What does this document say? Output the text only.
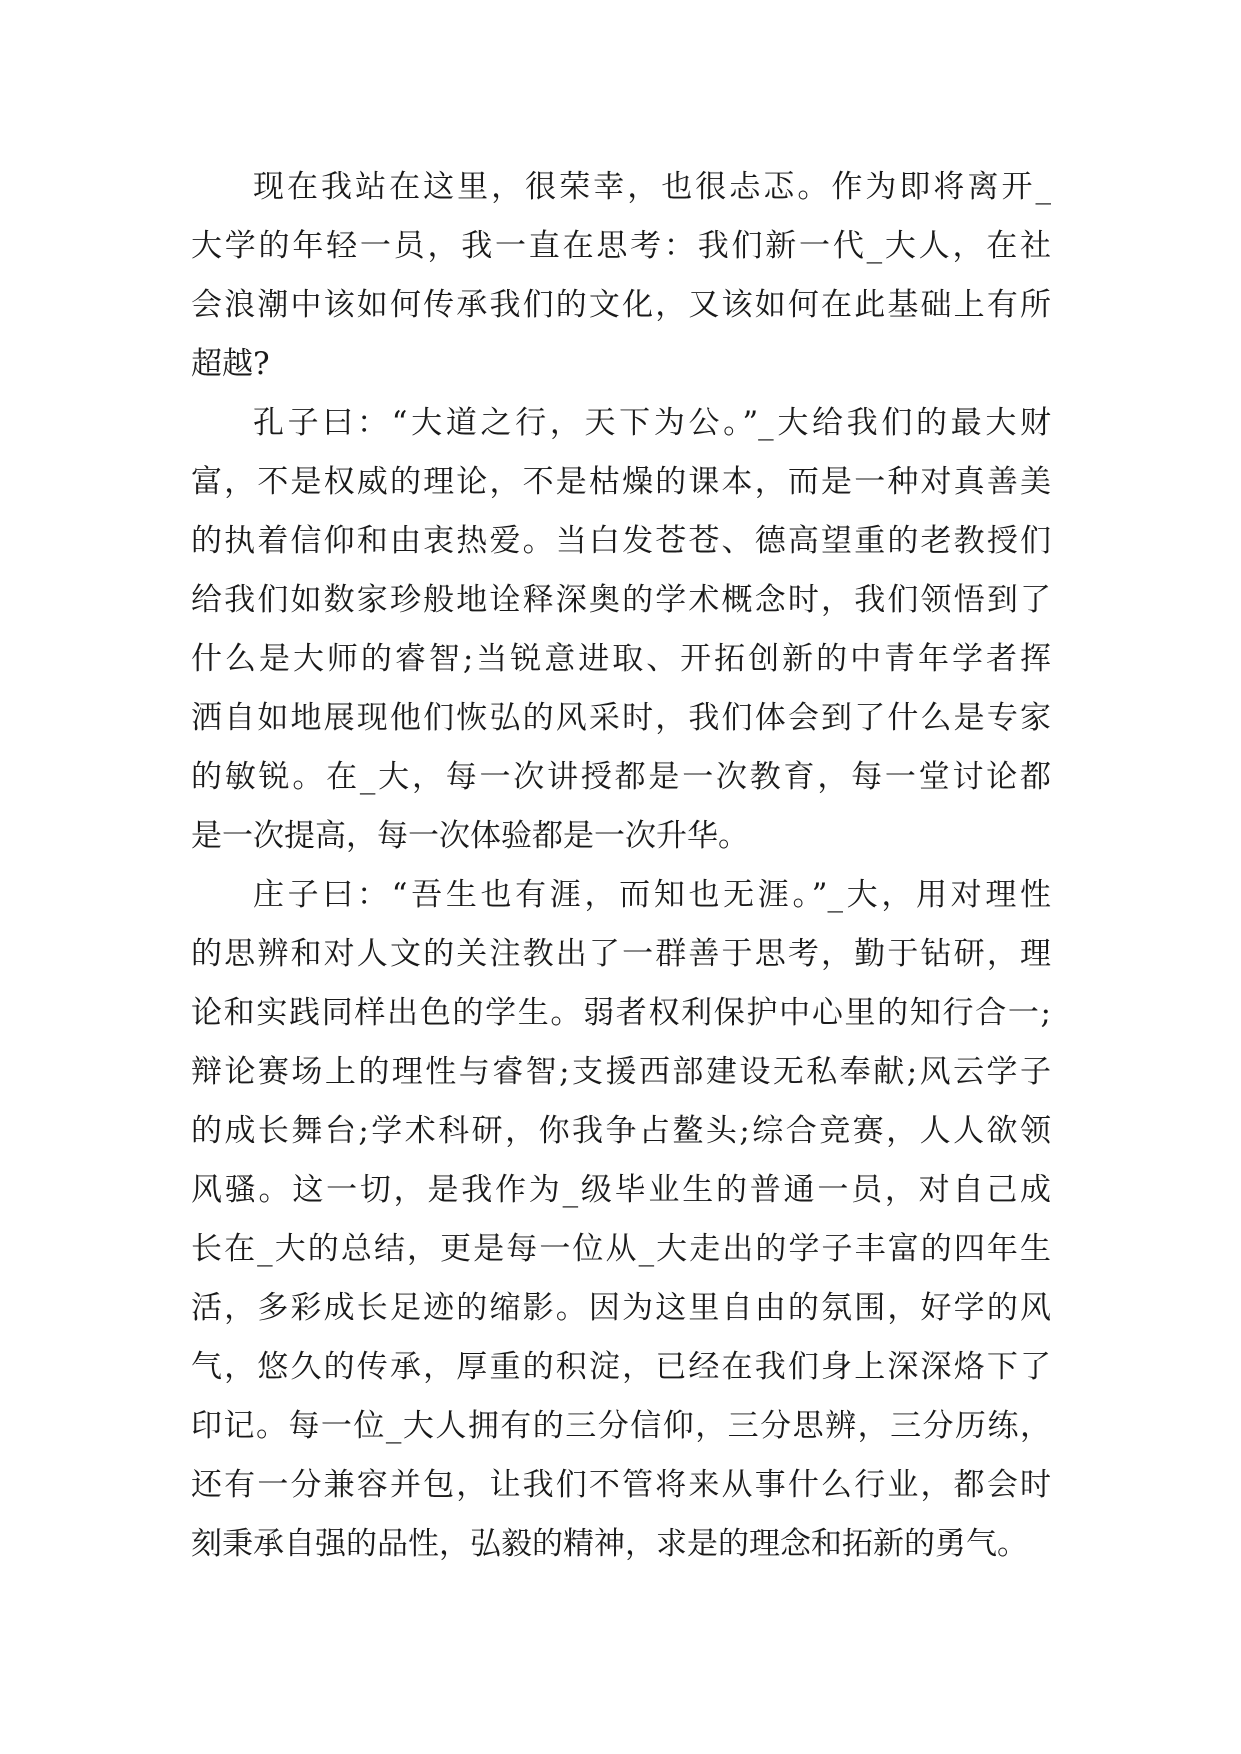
现在我站在这里，很荣幸，也很忐忑。作为即将离开_
大学的年轻一员，我一直在思考：我们新一代_大人，在社
会浪潮中该如何传承我们的文化，又该如何在此基础上有所
超越?
孔子曰：“大道之行，天下为公。”_大给我们的最大财
富，不是权威的理论，不是枯燥的课本，而是一种对真善美
的执着信仰和由衷热爱。当白发苍苍、德高望重的老教授们
给我们如数家珍般地诠释深奥的学术概念时，我们领悟到了
什么是大师的睿智;当锐意进取、开拓创新的中青年学者挥
洒自如地展现他们恢弘的风采时，我们体会到了什么是专家
的敏锐。在_大，每一次讲授都是一次教育，每一堂讨论都
是一次提高，每一次体验都是一次升华。
庄子曰：“吾生也有涯，而知也无涯。”_大，用对理性
的思辨和对人文的关注教出了一群善于思考，勤于钻研，理
论和实践同样出色的学生。弱者权利保护中心里的知行合一;
辩论赛场上的理性与睿智;支援西部建设无私奉献;风云学子
的成长舞台;学术科研，你我争占鳌头;综合竞赛，人人欲领
风骚。这一切，是我作为_级毕业生的普通一员，对自己成
长在_大的总结，更是每一位从_大走出的学子丰富的四年生
活，多彩成长足迹的缩影。因为这里自由的氛围，好学的风
气，悠久的传承，厚重的积淀，已经在我们身上深深烙下了
印记。每一位_大人拥有的三分信仰，三分思辨，三分历练，
还有一分兼容并包，让我们不管将来从事什么行业，都会时
刻秉承自强的品性，弘毅的精神，求是的理念和拓新的勇气。
